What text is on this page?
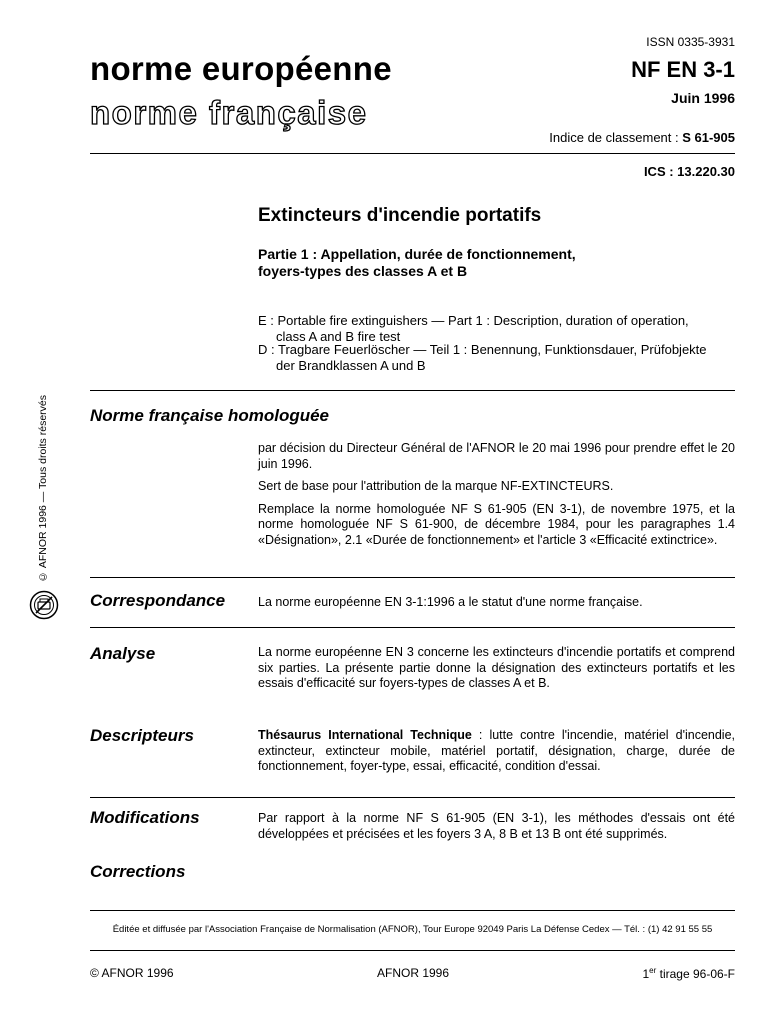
ISSN 0335-3931
norme européenne
norme française
NF EN 3-1
Juin 1996
Indice de classement : S 61-905
ICS : 13.220.30
Extincteurs d'incendie portatifs
Partie 1 : Appellation, durée de fonctionnement,
foyers-types des classes A et B
E : Portable fire extinguishers — Part 1 : Description, duration of operation,
class A and B fire test
D : Tragbare Feuerlöscher — Teil 1 : Benennung, Funktionsdauer, Prüfobjekte
der Brandklassen A und B
Norme française homologuée

par décision du Directeur Général de l'AFNOR le 20 mai 1996 pour prendre effet le 20 juin 1996.

Sert de base pour l'attribution de la marque NF-EXTINCTEURS.

Remplace la norme homologuée NF S 61-905 (EN 3-1), de novembre 1975, et la norme homologuée NF S 61-900, de décembre 1984, pour les paragraphes 1.4 «Désignation», 2.1 «Durée de fonctionnement» et l'article 3 «Efficacité extinctrice».

Correspondance	La norme européenne EN 3-1:1996 a le statut d'une norme française.
Analyse	La norme européenne EN 3 concerne les extincteurs d'incendie portatifs et comprend six parties. La présente partie donne la désignation des extincteurs portatifs et les essais d'efficacité sur foyers-types de classes A et B.
Descripteurs	Thésaurus International Technique : lutte contre l'incendie, matériel d'incendie, extincteur, extincteur mobile, matériel portatif, désignation, charge, durée de fonctionnement, foyer-type, essai, efficacité, condition d'essai.
Modifications	Par rapport à la norme NF S 61-905 (EN 3-1), les méthodes d'essais ont été développées et précisées et les foyers 3 A, 8 B et 13 B ont été supprimés.
Corrections
Éditée et diffusée par l'Association Française de Normalisation (AFNOR), Tour Europe 92049 Paris La Défense Cedex — Tél. : (1) 42 91 55 55
© AFNOR 1996	AFNOR 1996	1er tirage 96-06-F
© AFNOR 1996 — Tous droits réservés
